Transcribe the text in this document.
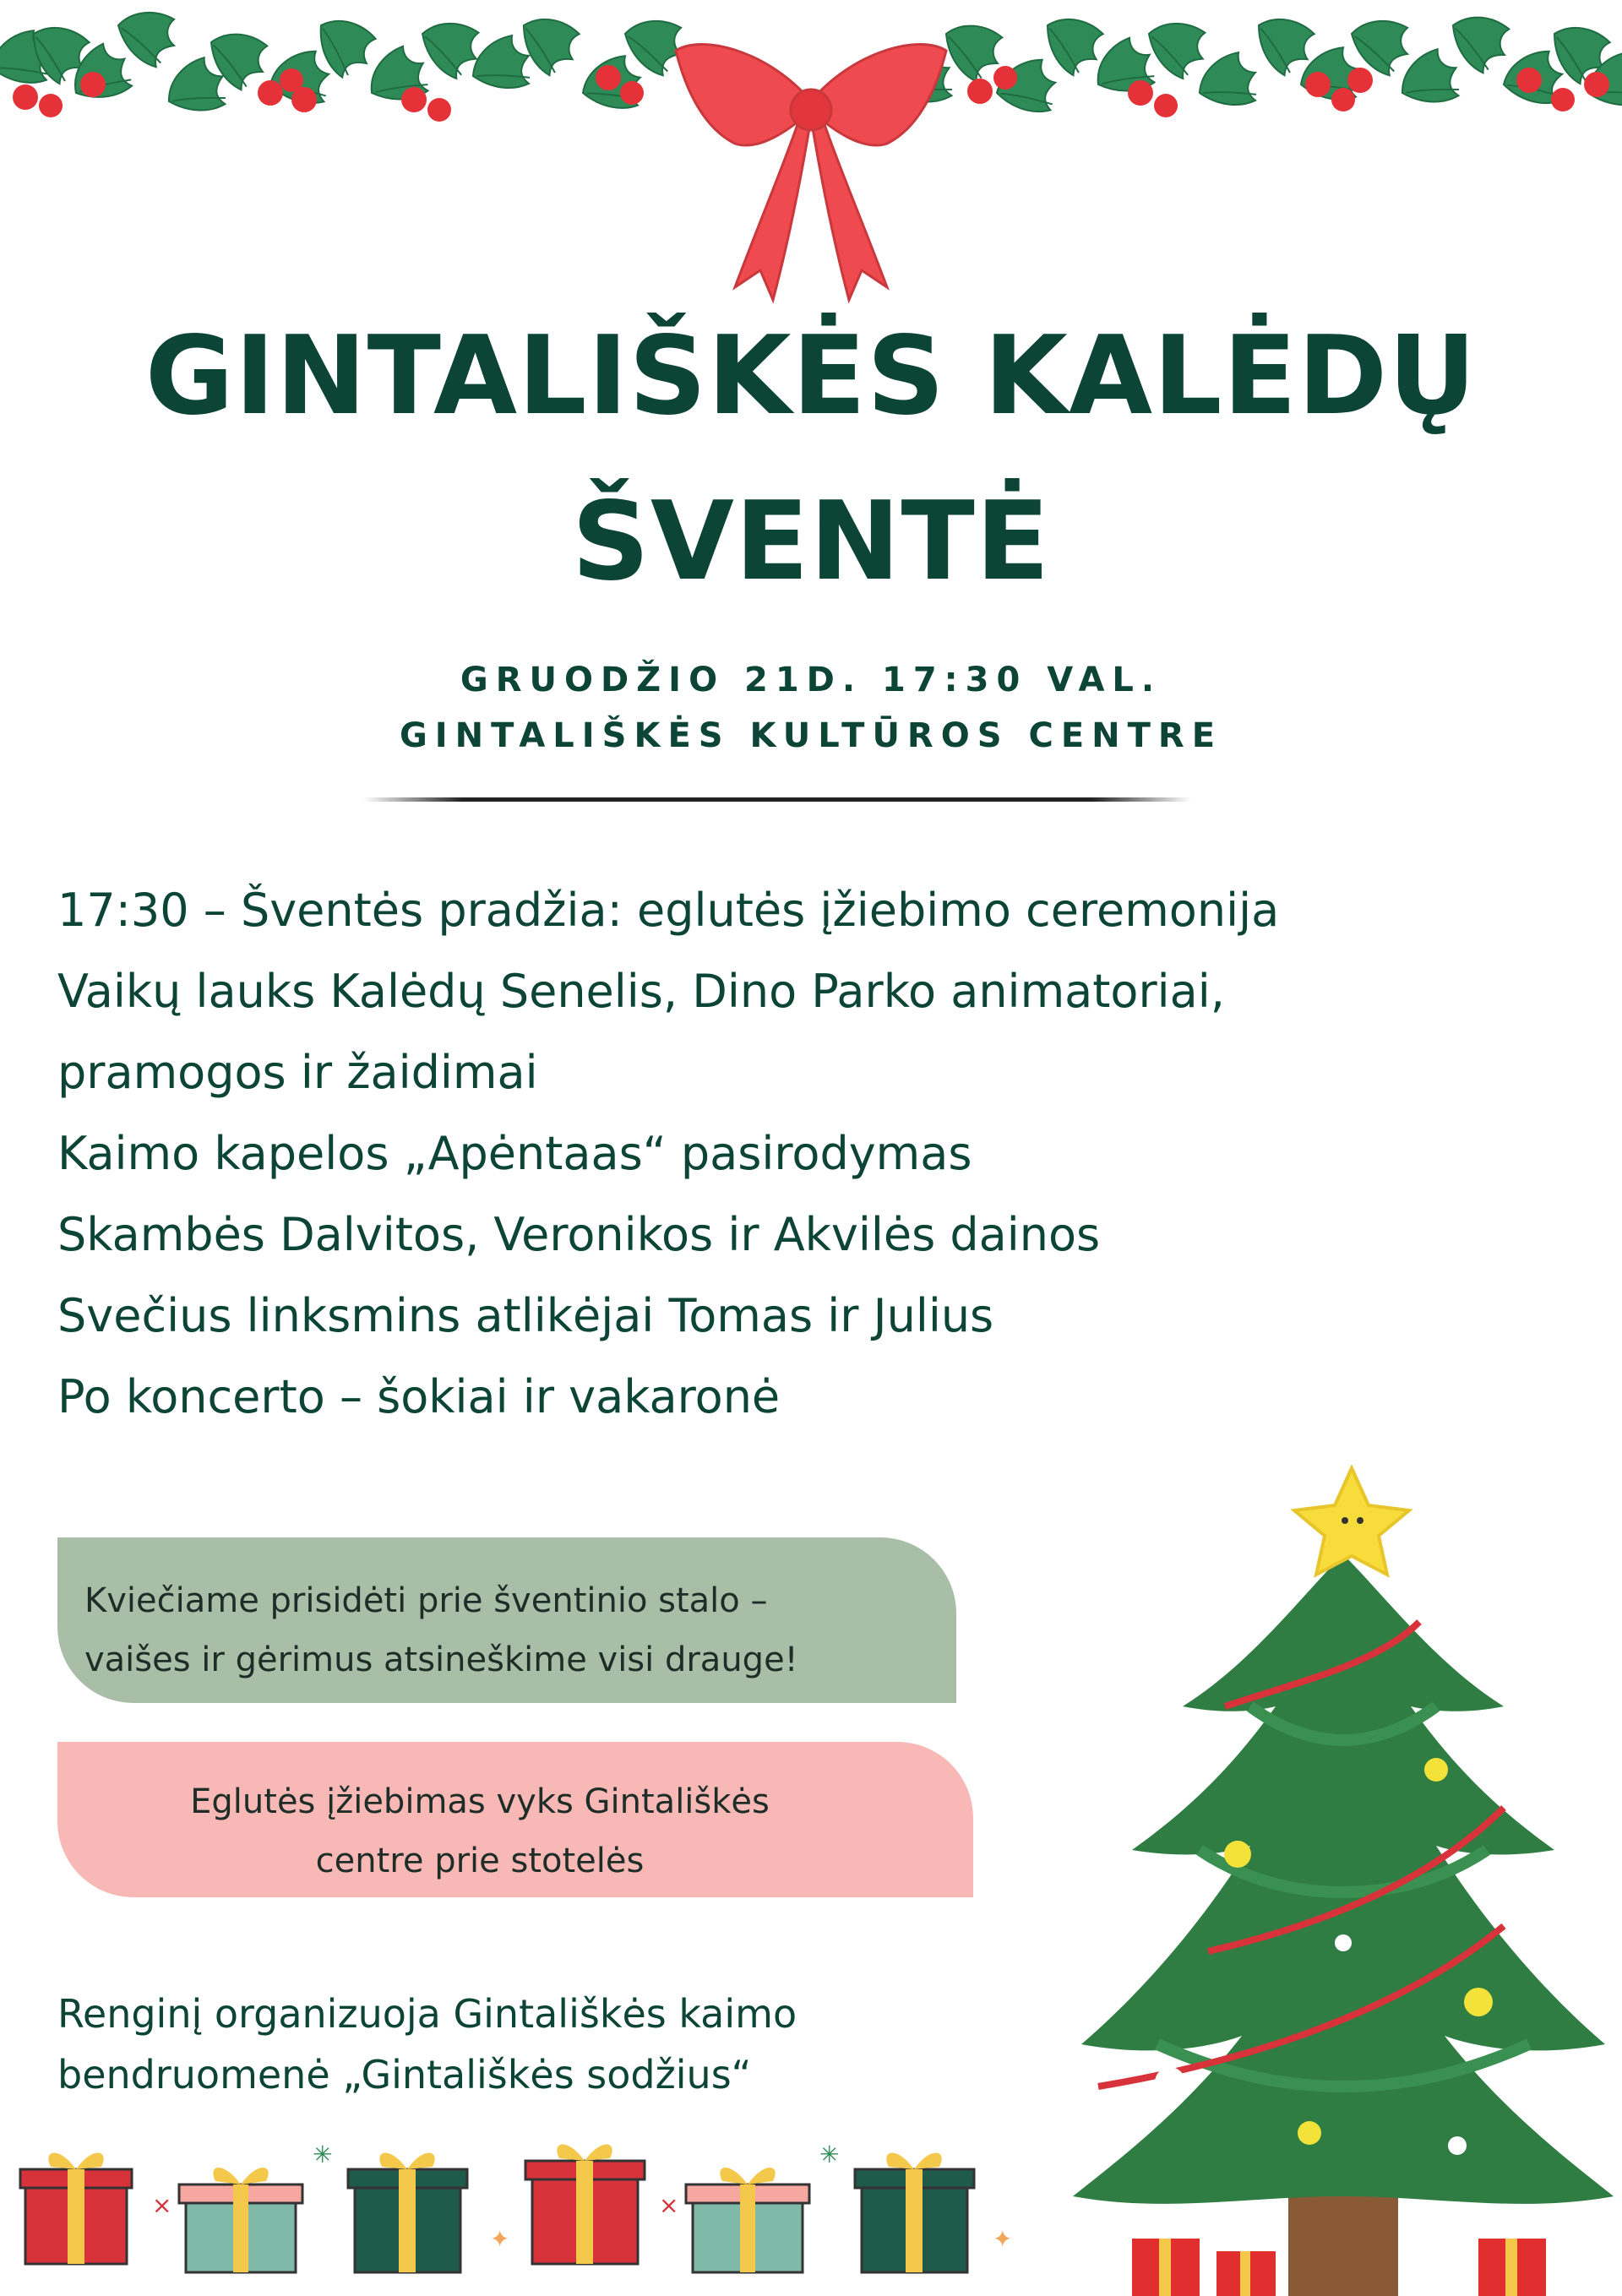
GINTALIŠKĖS KALĖDŲ
ŠVENTĖ
GRUODŽIO 21D. 17:30 VAL.
GINTALIŠKĖS KULTŪROS CENTRE
17:30 – Šventės pradžia: eglutės įžiebimo ceremonija
Vaikų lauks Kalėdų Senelis, Dino Parko animatoriai,
pramogos ir žaidimai
Kaimo kapelos „Apėntaas“ pasirodymas
Skambės Dalvitos, Veronikos ir Akvilės dainos
Svečius linksmins atlikėjai Tomas ir Julius
Po koncerto – šokiai ir vakaronė
Kviečiame prisidėti prie šventinio stalo –
vaišes ir gėrimus atsineškime visi drauge!
Eglutės įžiebimas vyks Gintališkės
centre prie stotelės
Renginį organizuoja Gintališkės kaimo
bendruomenė „Gintališkės sodžius“
×
✳
✦
×
✳
✦
